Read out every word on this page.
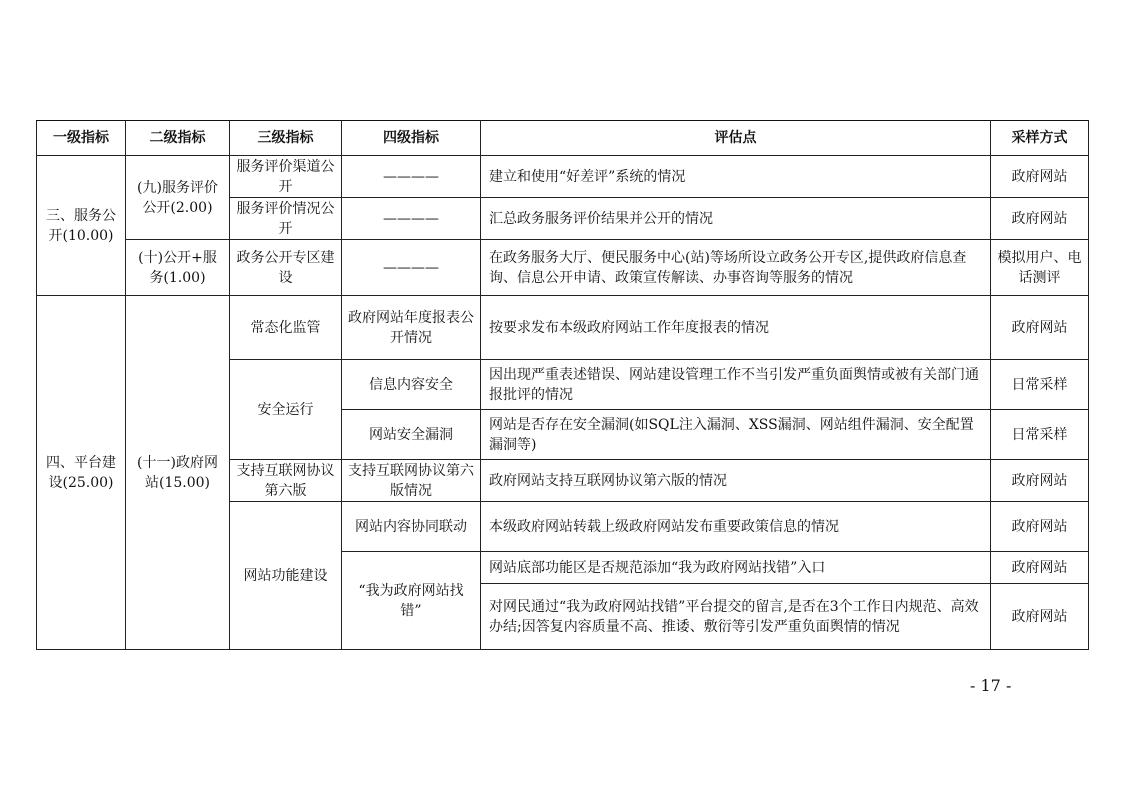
一级指标	二级指标	三级指标	四级指标	评估点	采样方式
三、服务公开(10.00)	(九)服务评价公开(2.00)	服务评价渠道公开	————	建立和使用“好差评”系统的情况	政府网站
		服务评价情况公开	————	汇总政务服务评价结果并公开的情况	政府网站
	(十)公开+服务(1.00)	政务公开专区建设	————	在政务服务大厅、便民服务中心(站)等场所设立政务公开专区,提供政府信息查询、信息公开申请、政策宣传解读、办事咨询等服务的情况	模拟用户、电话测评
四、平台建设(25.00)	(十一)政府网站(15.00)	常态化监管	政府网站年度报表公开情况	按要求发布本级政府网站工作年度报表的情况	政府网站
		安全运行	信息内容安全	因出现严重表述错误、网站建设管理工作不当引发严重负面舆情或被有关部门通报批评的情况	日常采样
			网站安全漏洞	网站是否存在安全漏洞(如SQL注入漏洞、XSS漏洞、网站组件漏洞、安全配置漏洞等)	日常采样
		支持互联网协议第六版	支持互联网协议第六版情况	政府网站支持互联网协议第六版的情况	政府网站
		网站功能建设	网站内容协同联动	本级政府网站转载上级政府网站发布重要政策信息的情况	政府网站
			“我为政府网站找错”	网站底部功能区是否规范添加“我为政府网站找错”入口	政府网站
				对网民通过“我为政府网站找错”平台提交的留言,是否在3个工作日内规范、高效办结;因答复内容质量不高、推诿、敷衍等引发严重负面舆情的情况	政府网站
- 17 -
